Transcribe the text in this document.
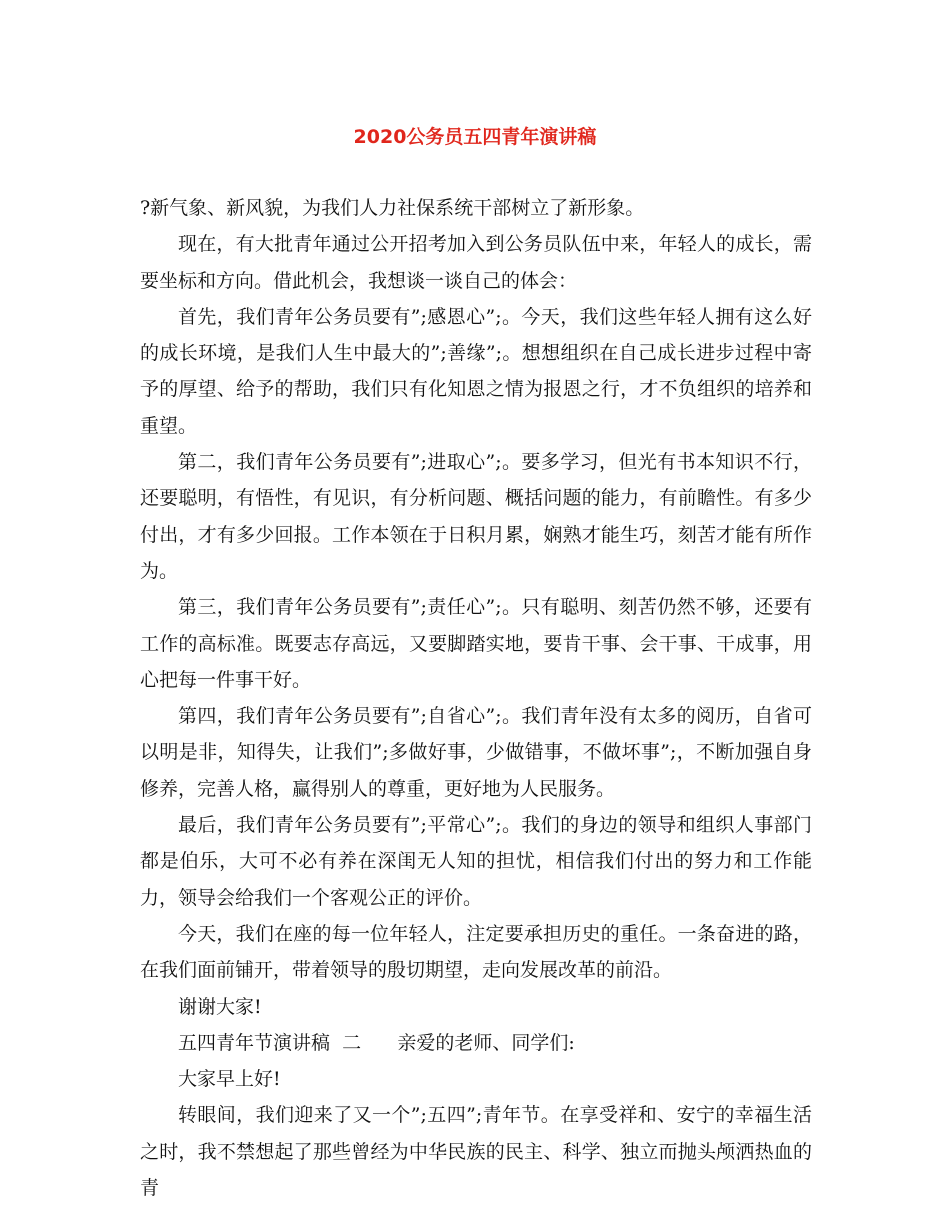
2020公务员五四青年演讲稿

?新气象、新风貌，为我们人力社保系统干部树立了新形象。

现在，有大批青年通过公开招考加入到公务员队伍中来，年轻人的成长，需要坐标和方向。借此机会，我想谈一谈自己的体会：

首先，我们青年公务员要有”;感恩心”;。今天，我们这些年轻人拥有这么好的成长环境，是我们人生中最大的”;善缘”;。想想组织在自己成长进步过程中寄予的厚望、给予的帮助，我们只有化知恩之情为报恩之行，才不负组织的培养和重望。

第二，我们青年公务员要有”;进取心”;。要多学习，但光有书本知识不行，还要聪明，有悟性，有见识，有分析问题、概括问题的能力，有前瞻性。有多少付出，才有多少回报。工作本领在于日积月累，娴熟才能生巧，刻苦才能有所作为。

第三，我们青年公务员要有”;责任心”;。只有聪明、刻苦仍然不够，还要有工作的高标准。既要志存高远，又要脚踏实地，要肯干事、会干事、干成事，用心把每一件事干好。

第四，我们青年公务员要有”;自省心”;。我们青年没有太多的阅历，自省可以明是非，知得失，让我们”;多做好事，少做错事，不做坏事”;，不断加强自身修养，完善人格，赢得别人的尊重，更好地为人民服务。

最后，我们青年公务员要有”;平常心”;。我们的身边的领导和组织人事部门都是伯乐，大可不必有养在深闺无人知的担忧，相信我们付出的努力和工作能力，领导会给我们一个客观公正的评价。

今天，我们在座的每一位年轻人，注定要承担历史的重任。一条奋进的路，在我们面前铺开，带着领导的殷切期望，走向发展改革的前沿。

谢谢大家!

五四青年节演讲稿  二      亲爱的老师、同学们:

大家早上好!

转眼间，我们迎来了又一个”;五四”;青年节。在享受祥和、安宁的幸福生活之时，我不禁想起了那些曾经为中华民族的民主、科学、独立而抛头颅洒热血的青
